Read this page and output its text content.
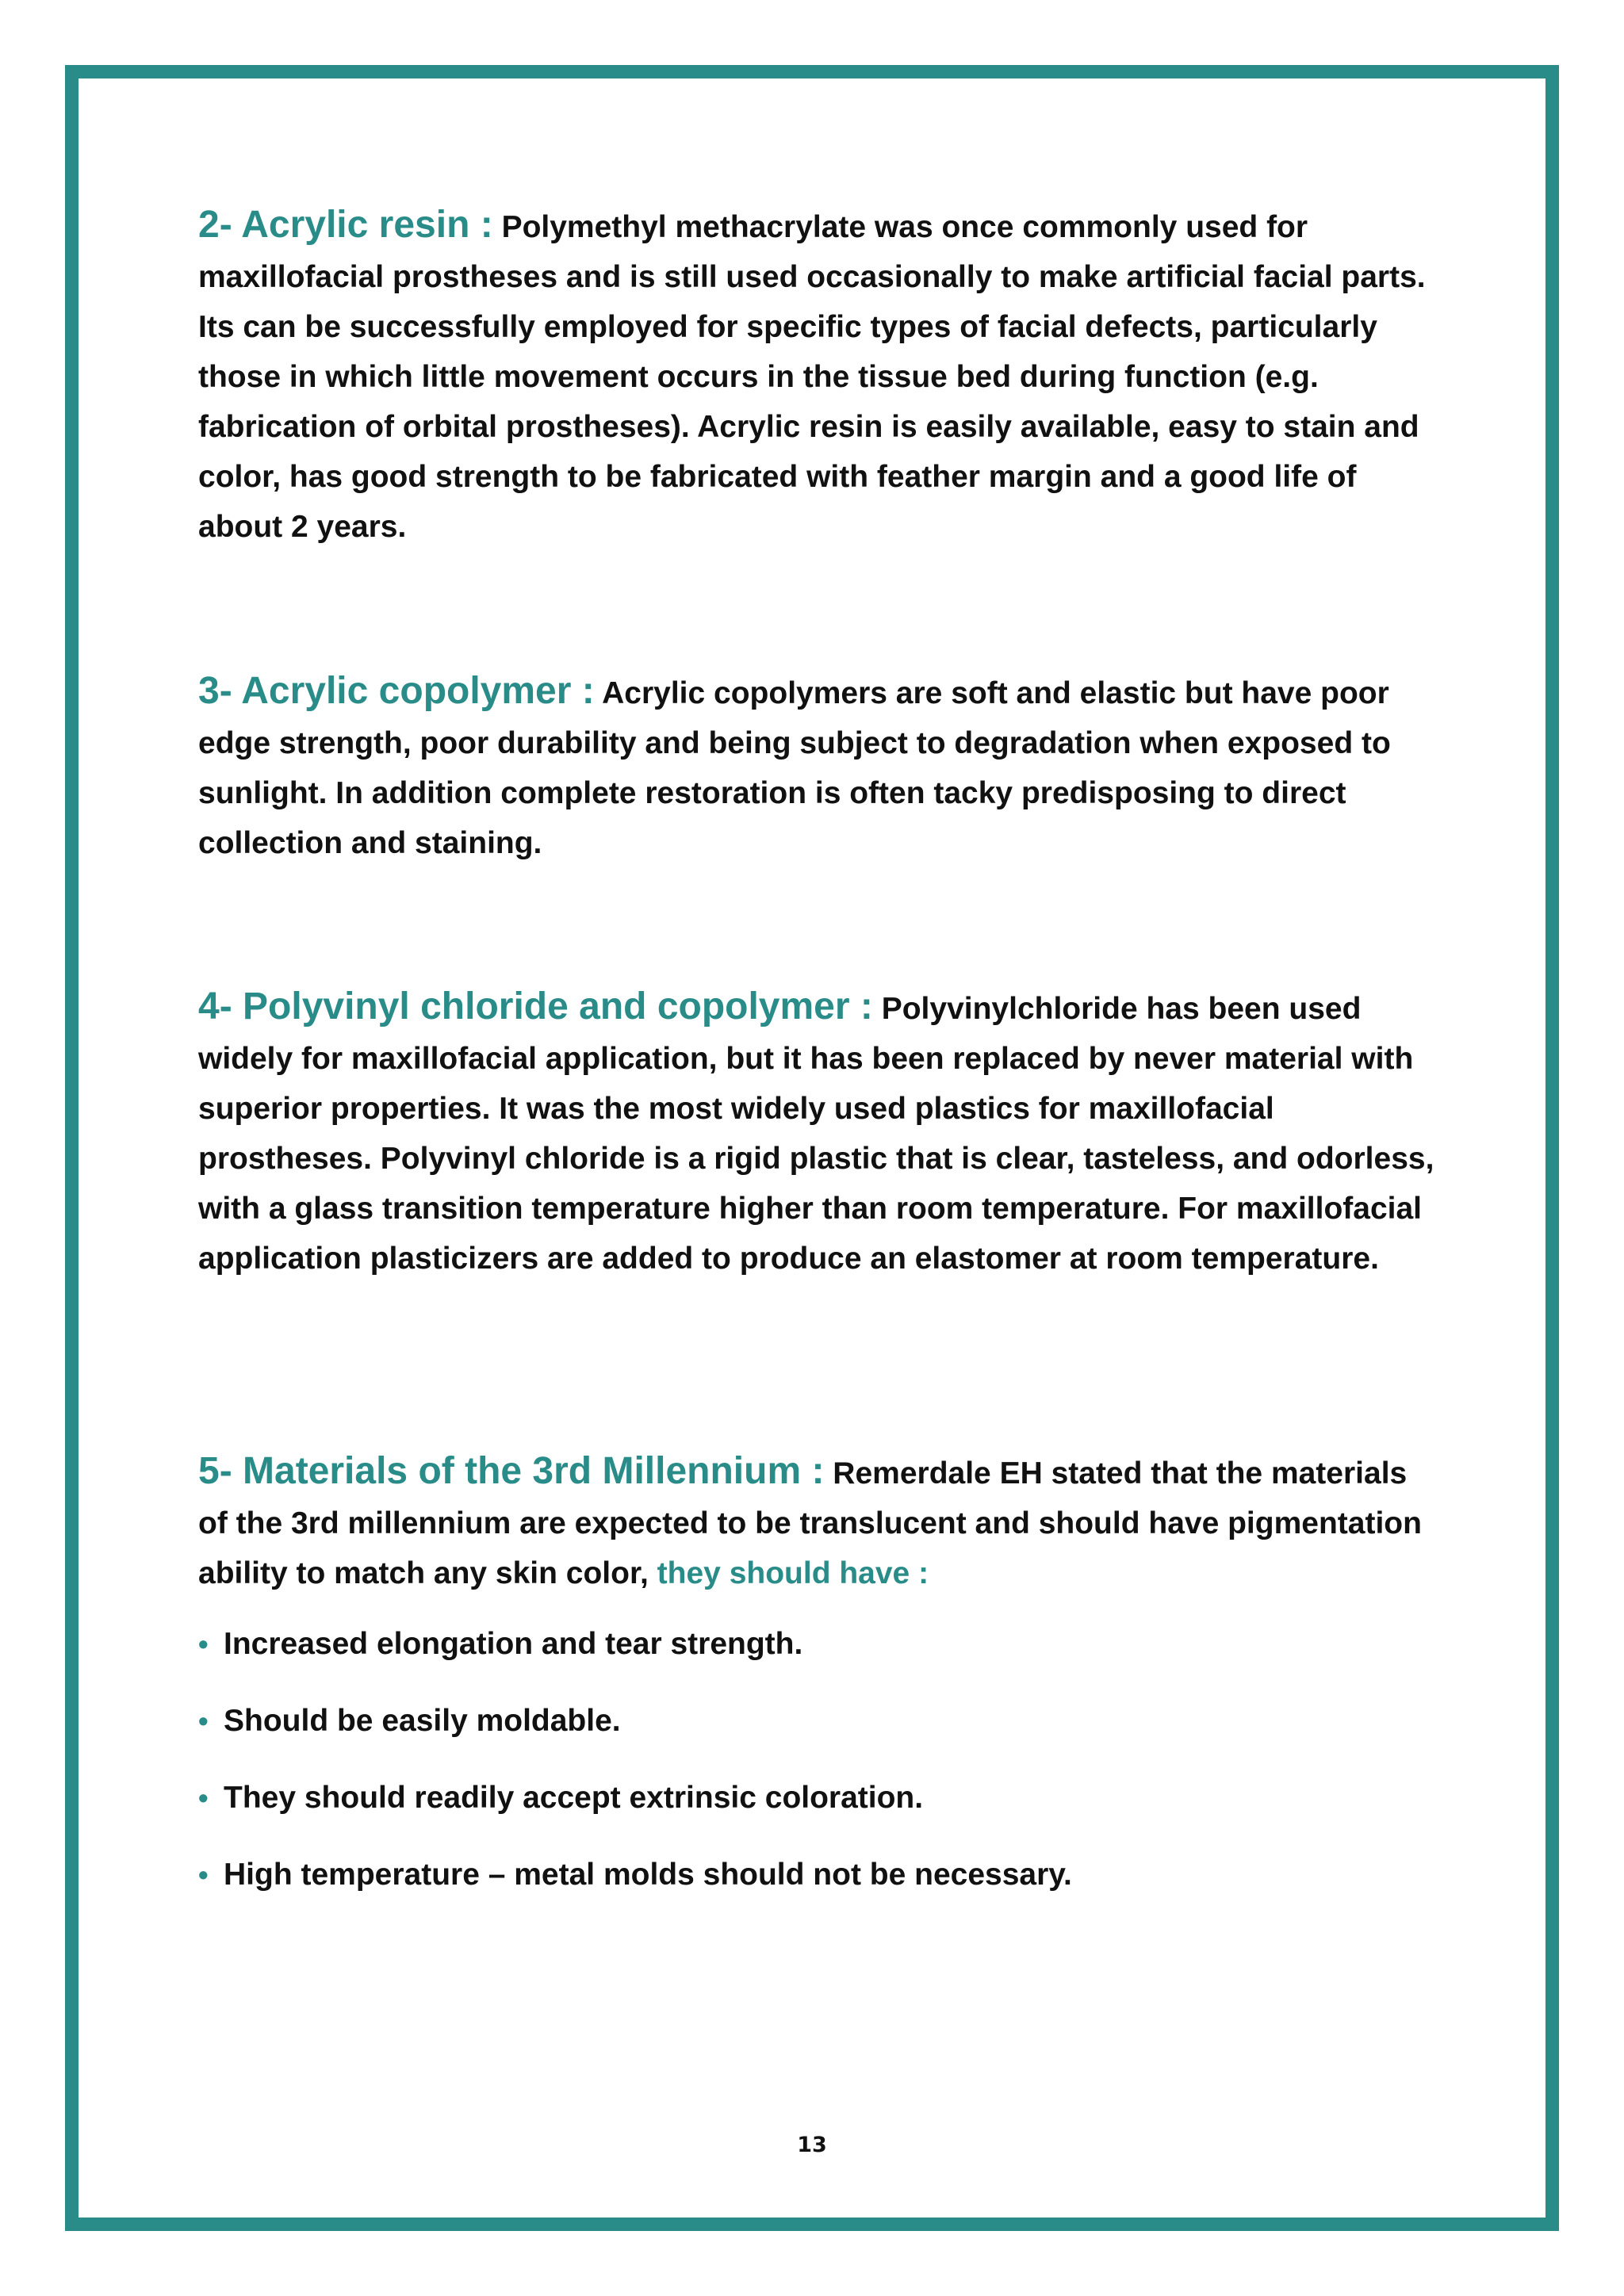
2- Acrylic resin : Polymethyl methacrylate was once commonly used for maxillofacial prostheses and is still used occasionally to make artificial facial parts. Its can be successfully employed for specific types of facial defects, particularly those in which little movement occurs in the tissue bed during function (e.g. fabrication of orbital prostheses). Acrylic resin is easily available, easy to stain and color, has good strength to be fabricated with feather margin and a good life of about 2 years.

3- Acrylic copolymer : Acrylic copolymers are soft and elastic but have poor edge strength, poor durability and being subject to degradation when exposed to sunlight. In addition complete restoration is often tacky predisposing to direct collection and staining.

4- Polyvinyl chloride and copolymer : Polyvinylchloride has been used widely for maxillofacial application, but it has been replaced by never material with superior properties. It was the most widely used plastics for maxillofacial prostheses. Polyvinyl chloride is a rigid plastic that is clear, tasteless, and odorless, with a glass transition temperature higher than room temperature. For maxillofacial application plasticizers are added to produce an elastomer at room temperature.

5- Materials of the 3rd Millennium : Remerdale EH stated that the materials of the 3rd millennium are expected to be translucent and should have pigmentation ability to match any skin color, they should have :

• Increased elongation and tear strength.
• Should be easily moldable.
• They should readily accept extrinsic coloration.
• High temperature – metal molds should not be necessary.
13
